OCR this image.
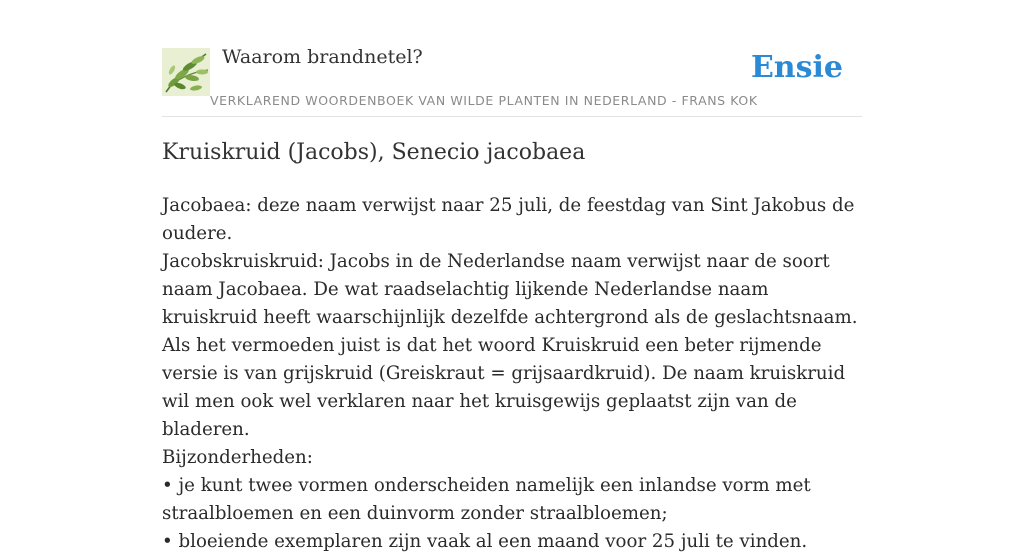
Waarom brandnetel?
VERKLAREND WOORDENBOEK VAN WILDE PLANTEN IN NEDERLAND - FRANS KOK
Ensie
Kruiskruid (Jacobs), Senecio jacobaea

Jacobaea: deze naam verwijst naar 25 juli, de feestdag van Sint Jakobus de oudere.

Jacobskruiskruid: Jacobs in de Nederlandse naam verwijst naar de soort naam Jacobaea. De wat raadselachtig lijkende Nederlandse naam kruiskruid heeft waarschijnlijk dezelfde achtergrond als de geslachtsnaam. Als het vermoeden juist is dat het woord Kruiskruid een beter rijmende versie is van grijskruid (Greiskraut = grijsaardkruid). De naam kruiskruid wil men ook wel verklaren naar het kruisgewijs geplaatst zijn van de bladeren.

Bijzonderheden:

• je kunt twee vormen onderscheiden namelijk een inlandse vorm met straalbloemen en een duinvorm zonder straalbloemen;

• bloeiende exemplaren zijn vaak al een maand voor 25 juli te vinden.
